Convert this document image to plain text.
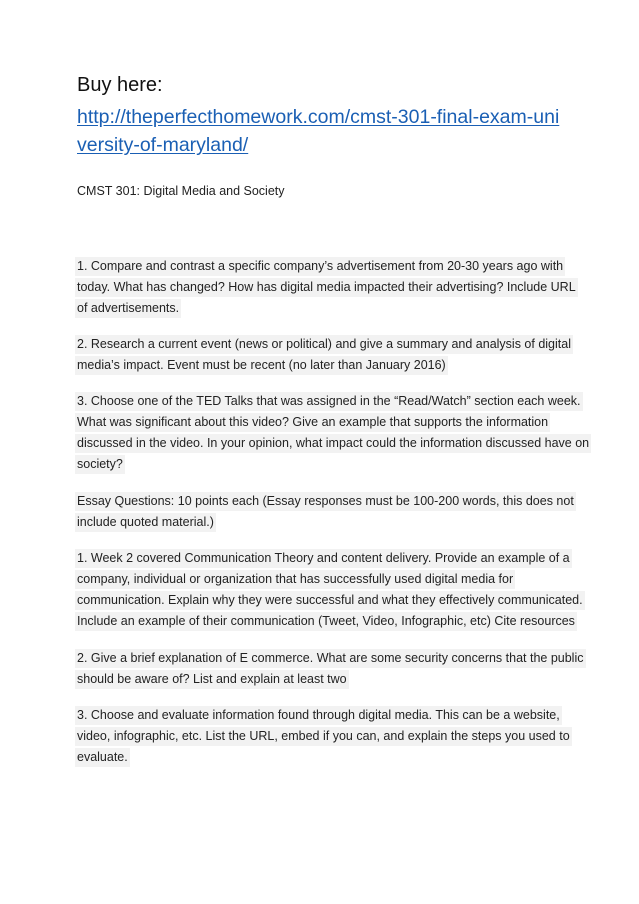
Buy here:
http://theperfecthomework.com/cmst-301-final-exam-uni
versity-of-maryland/
CMST 301: Digital Media and Society
1. Compare and contrast a specific company’s advertisement from 20-30 years ago with
today. What has changed? How has digital media impacted their advertising? Include URL
of advertisements.
2. Research a current event (news or political) and give a summary and analysis of digital
media’s impact. Event must be recent (no later than January 2016)
3. Choose one of the TED Talks that was assigned in the “Read/Watch” section each week.
What was significant about this video? Give an example that supports the information
discussed in the video. In your opinion, what impact could the information discussed have on
society?
Essay Questions: 10 points each (Essay responses must be 100-200 words, this does not
include quoted material.)
1. Week 2 covered Communication Theory and content delivery. Provide an example of a
company, individual or organization that has successfully used digital media for
communication. Explain why they were successful and what they effectively communicated.
Include an example of their communication (Tweet, Video, Infographic, etc) Cite resources
2. Give a brief explanation of E commerce. What are some security concerns that the public
should be aware of? List and explain at least two
3. Choose and evaluate information found through digital media. This can be a website,
video, infographic, etc. List the URL, embed if you can, and explain the steps you used to
evaluate.
